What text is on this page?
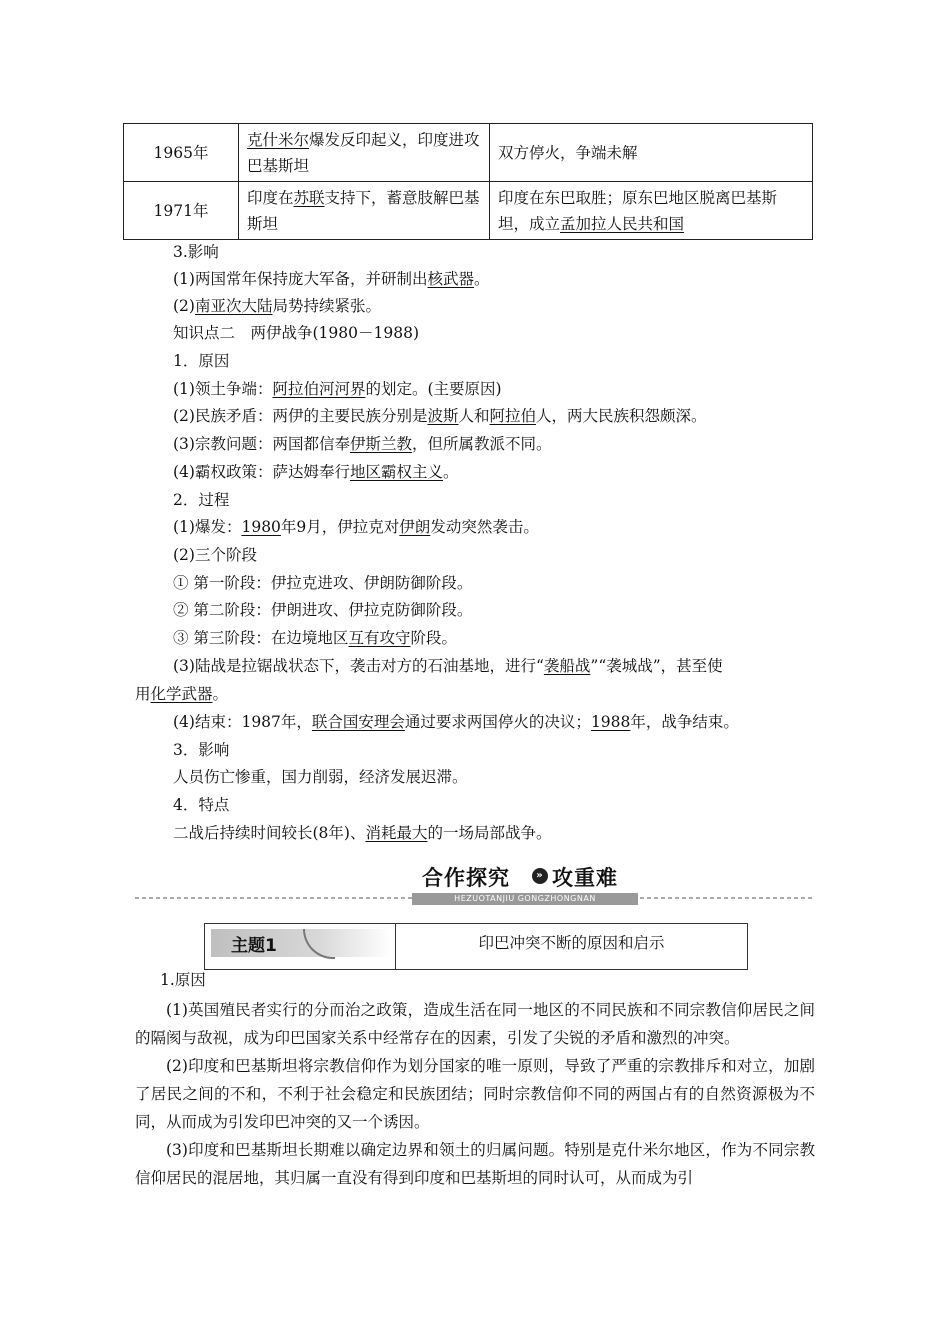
1965年	克什米尔爆发反印起义，印度进攻巴基斯坦	双方停火，争端未解
1971年	印度在苏联支持下，蓄意肢解巴基斯坦	印度在东巴取胜；原东巴地区脱离巴基斯坦，成立孟加拉人民共和国
3.影响
(1)两国常年保持庞大军备，并研制出核武器。
(2)南亚次大陆局势持续紧张。
知识点二　两伊战争(1980－1988)
1．原因
(1)领土争端：阿拉伯河河界的划定。(主要原因)
(2)民族矛盾：两伊的主要民族分别是波斯人和阿拉伯人，两大民族积怨颇深。
(3)宗教问题：两国都信奉伊斯兰教，但所属教派不同。
(4)霸权政策：萨达姆奉行地区霸权主义。
2．过程
(1)爆发：1980年9月，伊拉克对伊朗发动突然袭击。
(2)三个阶段
① 第一阶段：伊拉克进攻、伊朗防御阶段。
② 第二阶段：伊朗进攻、伊拉克防御阶段。
③ 第三阶段：在边境地区互有攻守阶段。
(3)陆战是拉锯战状态下，袭击对方的石油基地，进行“袭船战”“袭城战”，甚至使
用化学武器。
(4)结束：1987年，联合国安理会通过要求两国停火的决议；1988年，战争结束。
3．影响
人员伤亡惨重，国力削弱，经济发展迟滞。
4．特点
二战后持续时间较长(8年)、消耗最大的一场局部战争。
1.原因
合作探究	» 攻重难
HEZUOTANJIU GONGZHONGNAN
主题1	印巴冲突不断的原因和启示

(1)英国殖民者实行的分而治之政策，造成生活在同一地区的不同民族和不同宗教信仰居民之间的隔阂与敌视，成为印巴国家关系中经常存在的因素，引发了尖锐的矛盾和激烈的冲突。

(2)印度和巴基斯坦将宗教信仰作为划分国家的唯一原则，导致了严重的宗教排斥和对立，加剧了居民之间的不和，不利于社会稳定和民族团结；同时宗教信仰不同的两国占有的自然资源极为不同，从而成为引发印巴冲突的又一个诱因。

(3)印度和巴基斯坦长期难以确定边界和领土的归属问题。特别是克什米尔地区，作为不同宗教信仰居民的混居地，其归属一直没有得到印度和巴基斯坦的同时认可，从而成为引
